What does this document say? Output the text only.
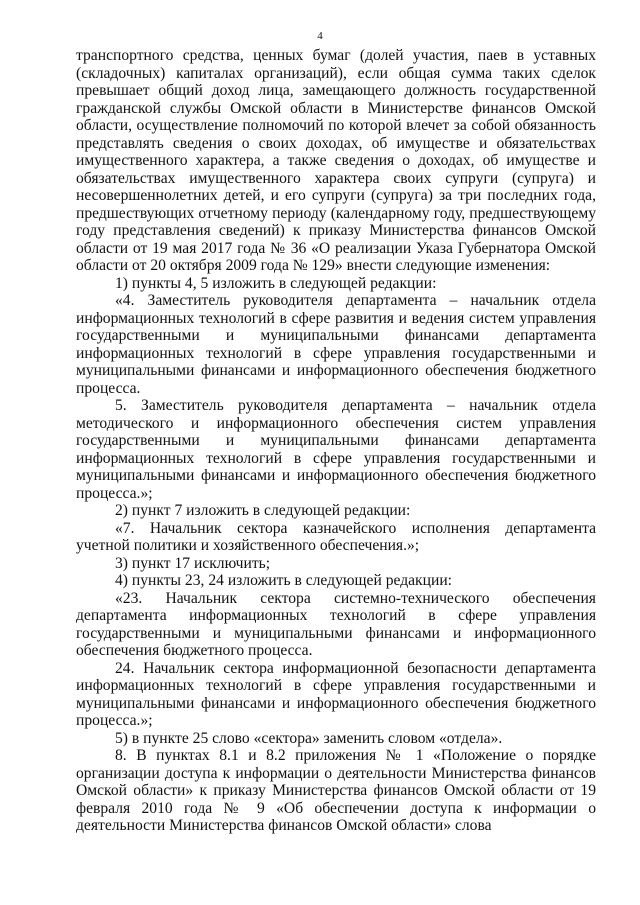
4

транспортного средства, ценных бумаг (долей участия, паев в уставных (складочных) капиталах организаций), если общая сумма таких сделок превышает общий доход лица, замещающего должность государственной гражданской службы Омской области в Министерстве финансов Омской области, осуществление полномочий по которой влечет за собой обязанность представлять сведения о своих доходах, об имуществе и обязательствах имущественного характера, а также сведения о доходах, об имуществе и обязательствах имущественного характера своих супруги (супруга) и несовершеннолетних детей, и его супруги (супруга) за три последних года, предшествующих отчетному периоду (календарному году, предшествующему году представления сведений) к приказу Министерства финансов Омской области от 19 мая 2017 года № 36 «О реализации Указа Губернатора Омской области от 20 октября 2009 года № 129» внести следующие изменения:

1) пункты 4, 5 изложить в следующей редакции:

«4. Заместитель руководителя департамента – начальник отдела информационных технологий в сфере развития и ведения систем управления государственными и муниципальными финансами департамента информационных технологий в сфере управления государственными и муниципальными финансами и информационного обеспечения бюджетного процесса.

5. Заместитель руководителя департамента – начальник отдела методического и информационного обеспечения систем управления государственными и муниципальными финансами департамента информационных технологий в сфере управления государственными и муниципальными финансами и информационного обеспечения бюджетного процесса.»;

2) пункт 7 изложить в следующей редакции:

«7. Начальник сектора казначейского исполнения департамента учетной политики и хозяйственного обеспечения.»;

3) пункт 17 исключить;

4) пункты 23, 24 изложить в следующей редакции:

«23. Начальник сектора системно-технического обеспечения департамента информационных технологий в сфере управления государственными и муниципальными финансами и информационного обеспечения бюджетного процесса.

24. Начальник сектора информационной безопасности департамента информационных технологий в сфере управления государственными и муниципальными финансами и информационного обеспечения бюджетного процесса.»;

5) в пункте 25 слово «сектора» заменить словом «отдела».

8. В пунктах 8.1 и 8.2 приложения № 1 «Положение о порядке организации доступа к информации о деятельности Министерства финансов Омской области» к приказу Министерства финансов Омской области от 19 февраля 2010 года № 9 «Об обеспечении доступа к информации о деятельности Министерства финансов Омской области» слова
